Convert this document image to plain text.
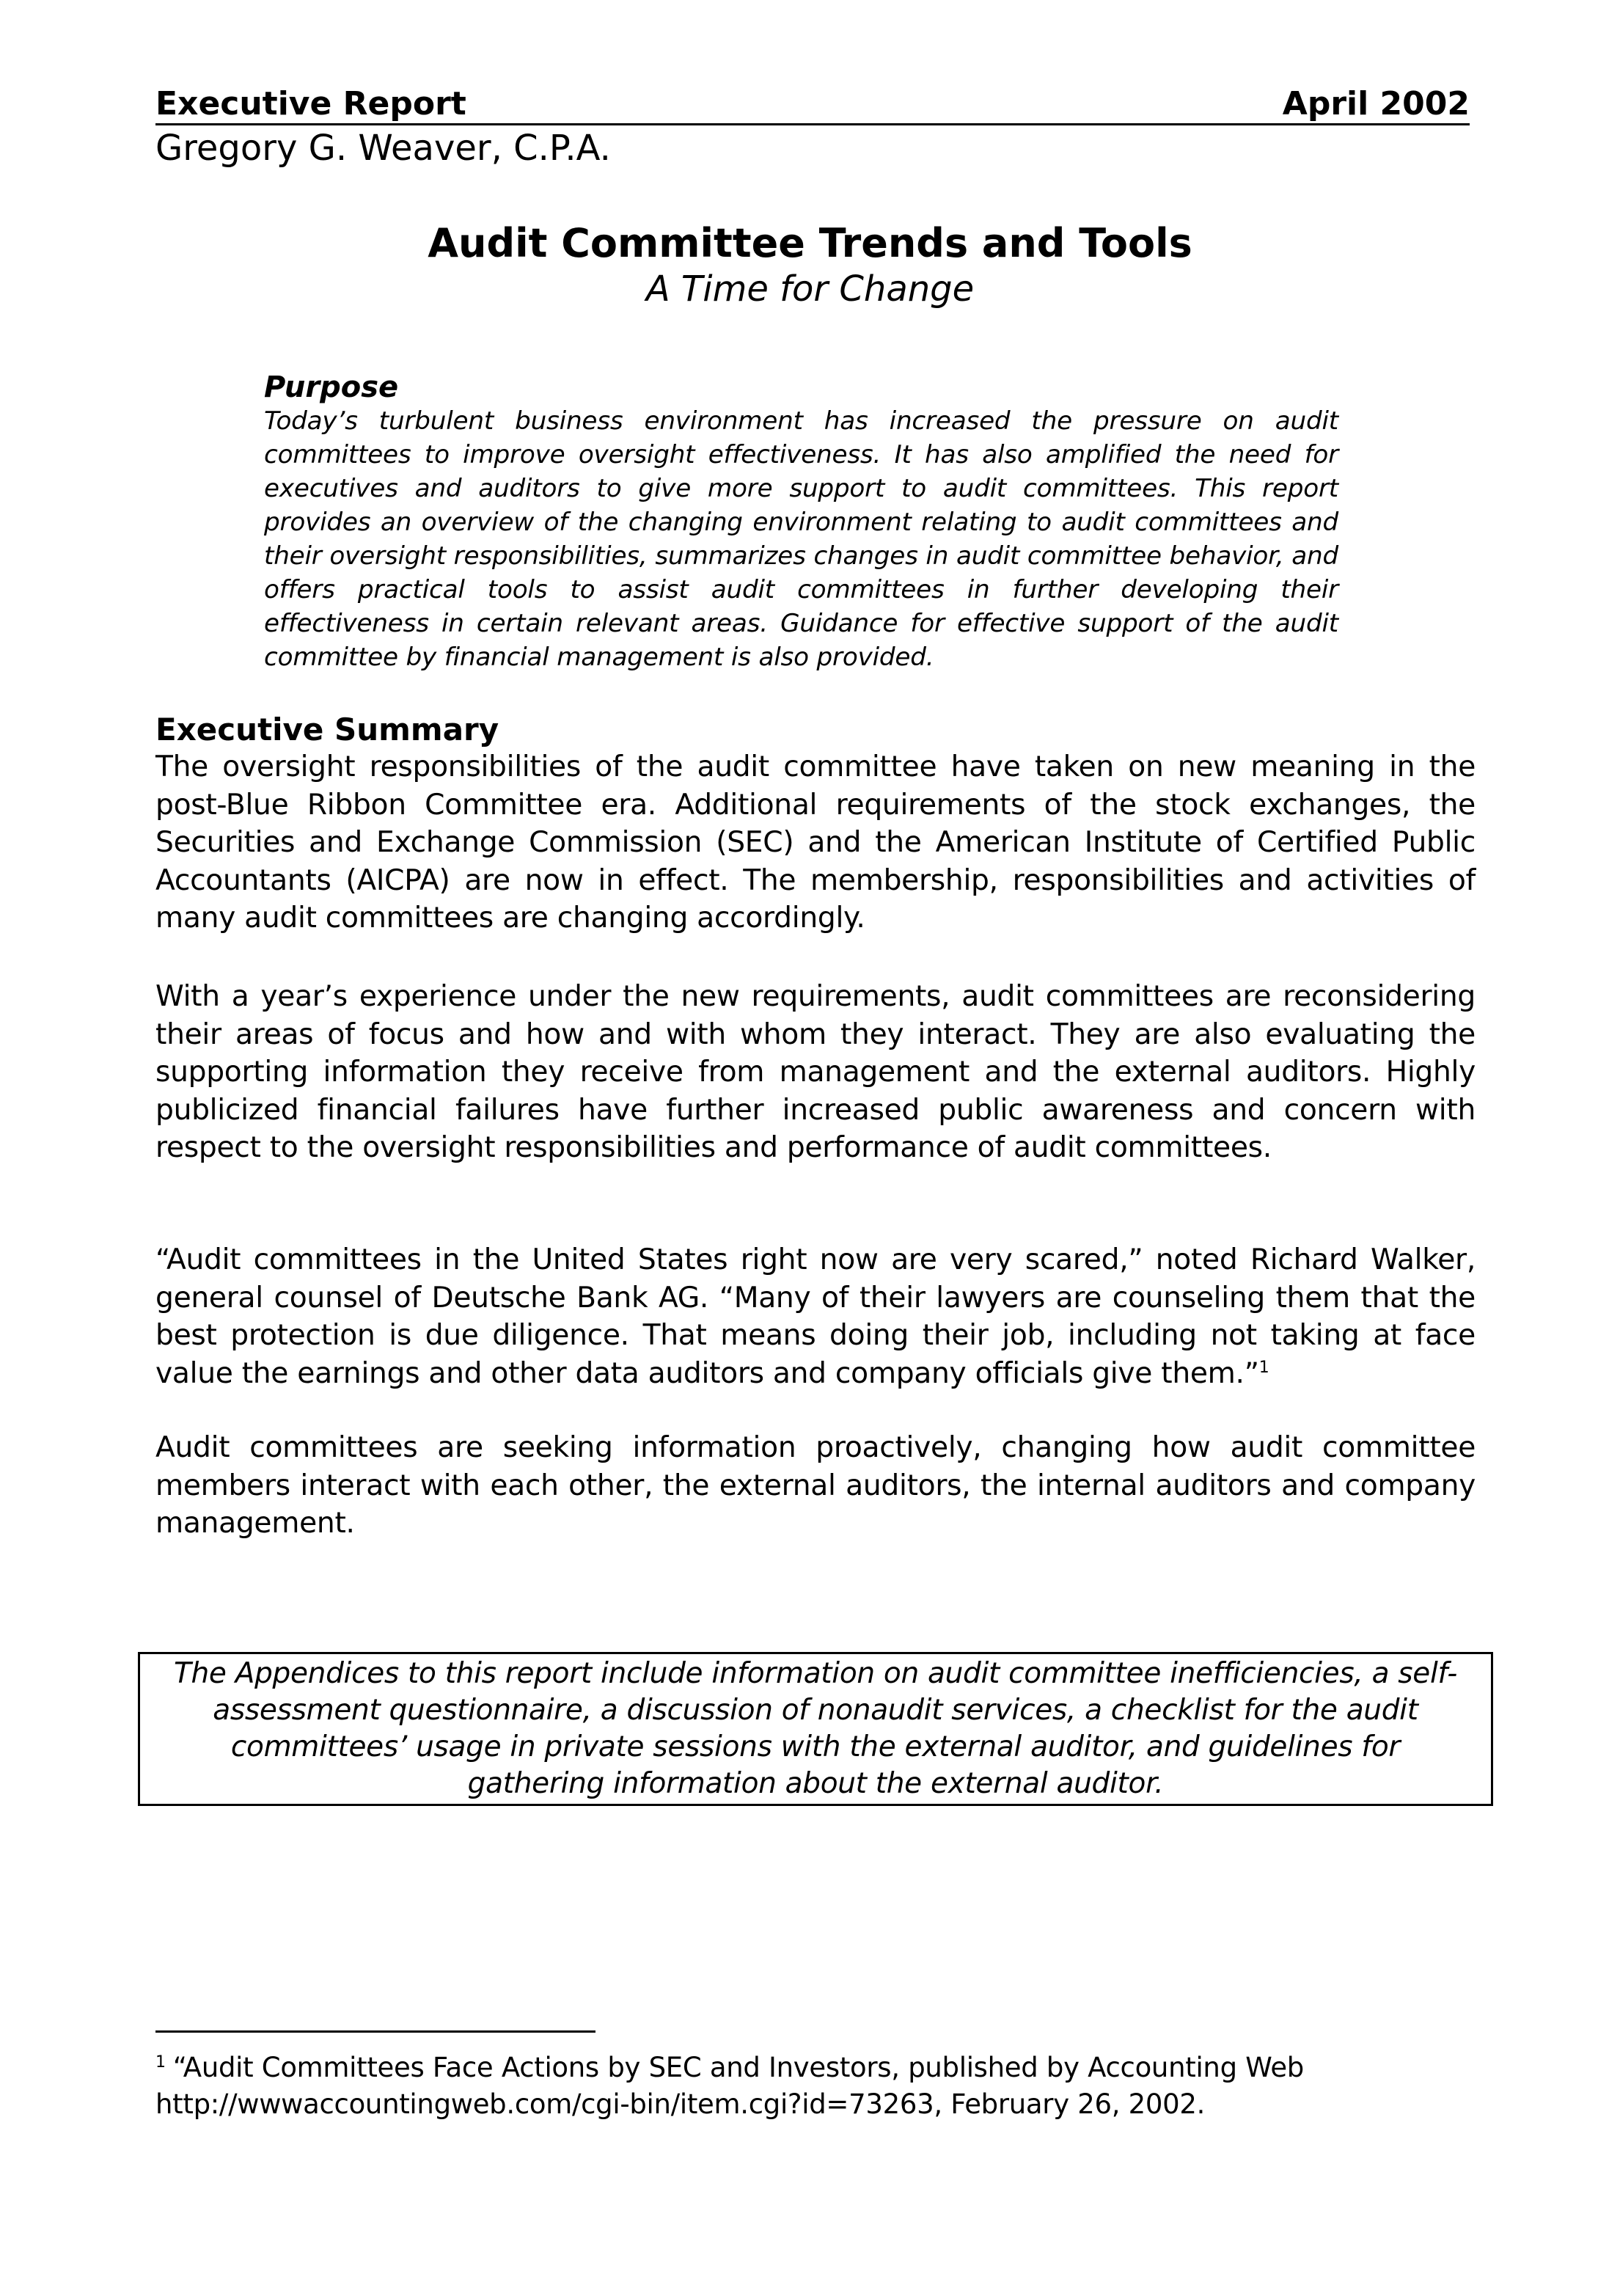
Executive Report	April 2002
Gregory G. Weaver, C.P.A.
Audit Committee Trends and Tools
A Time for Change
Purpose

Today’s turbulent business environment has increased the pressure on audit committees to improve oversight effectiveness. It has also amplified the need for executives and auditors to give more support to audit committees. This report provides an overview of the changing environment relating to audit committees and their oversight responsibilities, summarizes changes in audit committee behavior, and offers practical tools to assist audit committees in further developing their effectiveness in certain relevant areas. Guidance for effective support of the audit committee by financial management is also provided.

Executive Summary

The oversight responsibilities of the audit committee have taken on new meaning in the post-Blue Ribbon Committee era. Additional requirements of the stock exchanges, the Securities and Exchange Commission (SEC) and the American Institute of Certified Public Accountants (AICPA) are now in effect. The membership, responsibilities and activities of many audit committees are changing accordingly.

With a year’s experience under the new requirements, audit committees are reconsidering their areas of focus and how and with whom they interact. They are also evaluating the supporting information they receive from management and the external auditors. Highly publicized financial failures have further increased public awareness and concern with respect to the oversight responsibilities and performance of audit committees.

“Audit committees in the United States right now are very scared,” noted Richard Walker, general counsel of Deutsche Bank AG. “Many of their lawyers are counseling them that the best protection is due diligence. That means doing their job, including not taking at face value the earnings and other data auditors and company officials give them.”$^1$

Audit committees are seeking information proactively, changing how audit committee members interact with each other, the external auditors, the internal auditors and company management.

The Appendices to this report include information on audit committee inefficiencies, a self-assessment questionnaire, a discussion of nonaudit services, a checklist for the audit committees’ usage in private sessions with the external auditor, and guidelines for gathering information about the external auditor.

$^1$ “Audit Committees Face Actions by SEC and Investors, published by Accounting Web
http://wwwaccountingweb.com/cgi-bin/item.cgi?id=73263, February 26, 2002.
